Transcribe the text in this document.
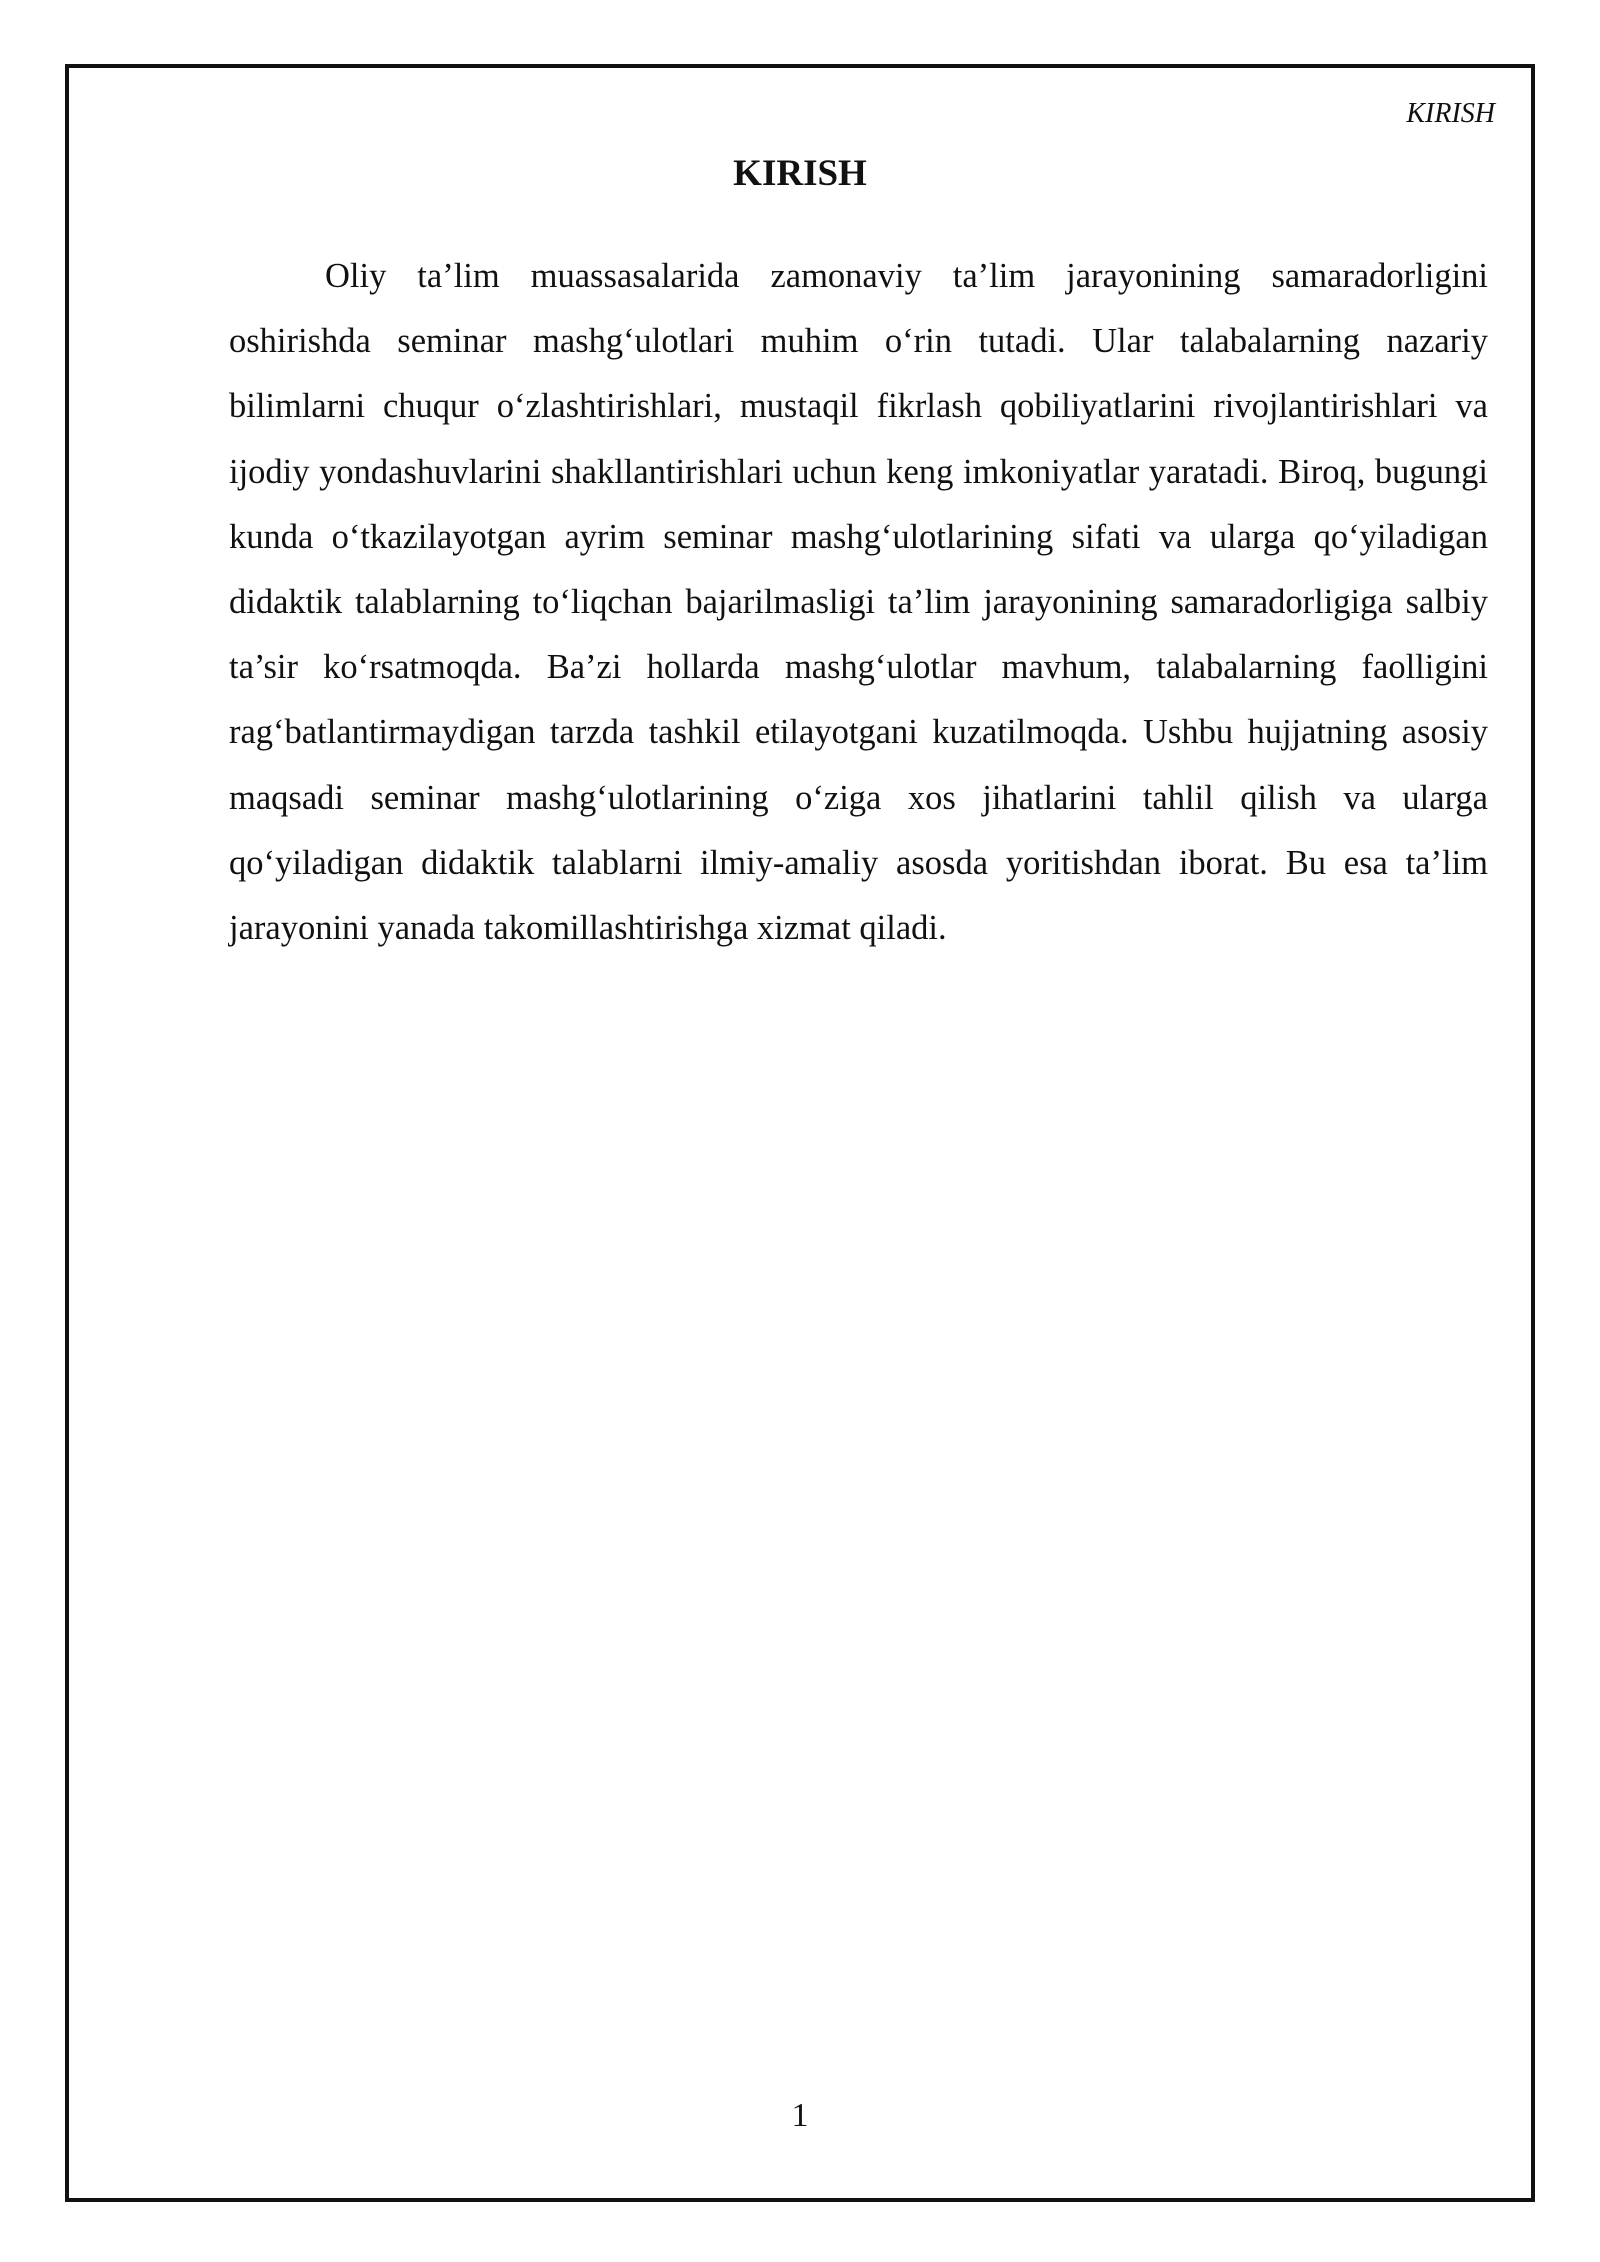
KIRISH
KIRISH

Oliy ta’lim muassasalarida zamonaviy ta’lim jarayonining samaradorligini oshirishda seminar mashg‘ulotlari muhim o‘rin tutadi. Ular talabalarning nazariy bilimlarni chuqur o‘zlashtirishlari, mustaqil fikrlash qobiliyatlarini rivojlantirishlari va ijodiy yondashuvlarini shakllantirishlari uchun keng imkoniyatlar yaratadi. Biroq, bugungi kunda o‘tkazilayotgan ayrim seminar mashg‘ulotlarining sifati va ularga qo‘yiladigan didaktik talablarning to‘liqchan bajarilmasligi ta’lim jarayonining samaradorligiga salbiy ta’sir ko‘rsatmoqda. Ba’zi hollarda mashg‘ulotlar mavhum, talabalarning faolligini rag‘batlantirmaydigan tarzda tashkil etilayotgani kuzatilmoqda. Ushbu hujjatning asosiy maqsadi seminar mashg‘ulotlarining o‘ziga xos jihatlarini tahlil qilish va ularga qo‘yiladigan didaktik talablarni ilmiy-amaliy asosda yoritishdan iborat. Bu esa ta’lim jarayonini yanada takomillashtirishga xizmat qiladi.

1
